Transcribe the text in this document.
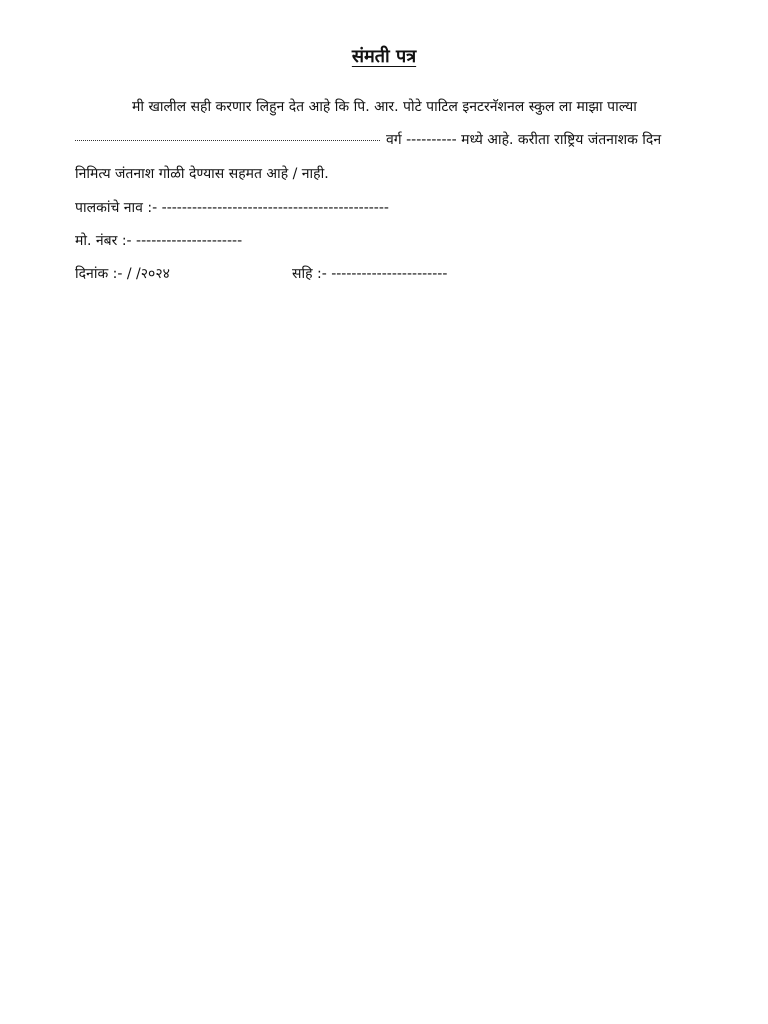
संमती पत्र
मी खालील सही करणार लिहुन देत आहे कि पि. आर. पोटे पाटिल इनटरनॅशनल स्कुल ला माझा पाल्या
वर्ग ---------- मध्ये आहे. करीता राष्ट्रिय जंतनाशक दिन
निमित्य जंतनाश गोळी देण्यास सहमत आहे / नाही.
पालकांचे नाव :- ---------------------------------------------
मो. नंबर :- ---------------------
दिनांक :- / /२०२४	सहि :- -----------------------
